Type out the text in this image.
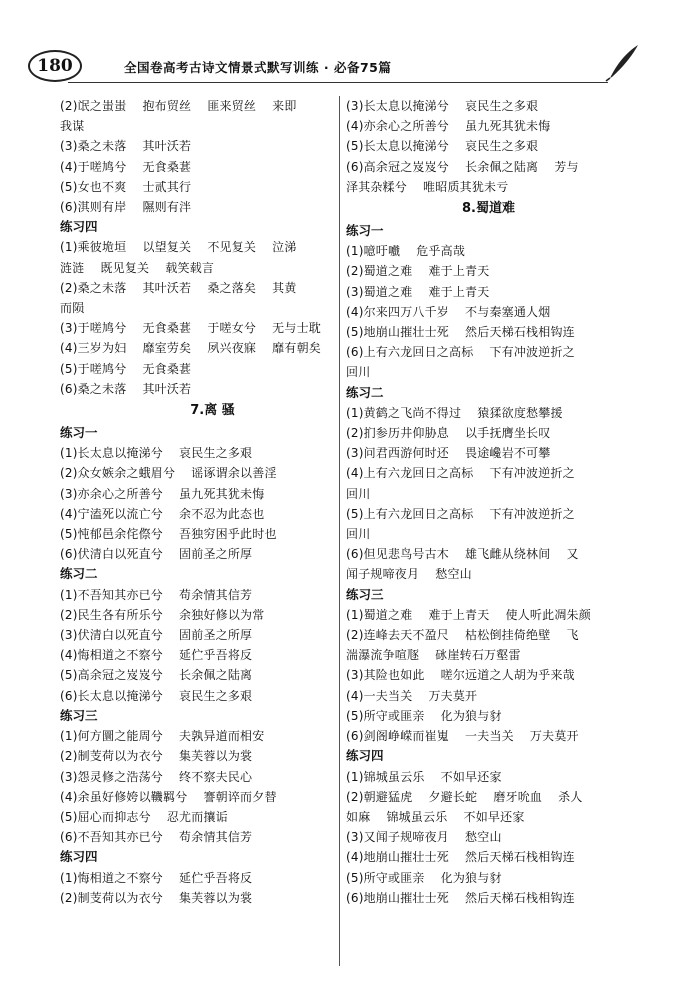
180	全国卷高考古诗文情景式默写训练 · 必备75篇
(2)氓之蚩蚩    抱布贸丝    匪来贸丝    来即
我谋
(3)桑之未落    其叶沃若
(4)于嗟鸠兮    无食桑葚
(5)女也不爽    士贰其行
(6)淇则有岸    隰则有泮
练习四
(1)乘彼垝垣    以望复关    不见复关    泣涕
涟涟    既见复关    载笑载言
(2)桑之未落    其叶沃若    桑之落矣    其黄
而陨
(3)于嗟鸠兮    无食桑葚    于嗟女兮    无与士耽
(4)三岁为妇    靡室劳矣    夙兴夜寐    靡有朝矣
(5)于嗟鸠兮    无食桑葚
(6)桑之未落    其叶沃若
7.离 骚
练习一
(1)长太息以掩涕兮    哀民生之多艰
(2)众女嫉余之蛾眉兮    谣诼谓余以善淫
(3)亦余心之所善兮    虽九死其犹未悔
(4)宁溘死以流亡兮    余不忍为此态也
(5)忳郁邑余侘傺兮    吾独穷困乎此时也
(6)伏清白以死直兮    固前圣之所厚
练习二
(1)不吾知其亦已兮    苟余情其信芳
(2)民生各有所乐兮    余独好修以为常
(3)伏清白以死直兮    固前圣之所厚
(4)悔相道之不察兮    延伫乎吾将反
(5)高余冠之岌岌兮    长余佩之陆离
(6)长太息以掩涕兮    哀民生之多艰
练习三
(1)何方圜之能周兮    夫孰异道而相安
(2)制芰荷以为衣兮    集芙蓉以为裳
(3)怨灵修之浩荡兮    终不察夫民心
(4)余虽好修姱以鞿羁兮    謇朝谇而夕替
(5)屈心而抑志兮    忍尤而攘诟
(6)不吾知其亦已兮    苟余情其信芳
练习四
(1)悔相道之不察兮    延伫乎吾将反
(2)制芰荷以为衣兮    集芙蓉以为裳
(3)长太息以掩涕兮    哀民生之多艰
(4)亦余心之所善兮    虽九死其犹未悔
(5)长太息以掩涕兮    哀民生之多艰
(6)高余冠之岌岌兮    长余佩之陆离    芳与
泽其杂糅兮    唯昭质其犹未亏
8.蜀道难
练习一
(1)噫吁嚱    危乎高哉
(2)蜀道之难    难于上青天
(3)蜀道之难    难于上青天
(4)尔来四万八千岁    不与秦塞通人烟
(5)地崩山摧壮士死    然后天梯石栈相钩连
(6)上有六龙回日之高标    下有冲波逆折之
回川
练习二
(1)黄鹤之飞尚不得过    猿猱欲度愁攀援
(2)扪参历井仰胁息    以手抚膺坐长叹
(3)问君西游何时还    畏途巉岩不可攀
(4)上有六龙回日之高标    下有冲波逆折之
回川
(5)上有六龙回日之高标    下有冲波逆折之
回川
(6)但见悲鸟号古木    雄飞雌从绕林间    又
闻子规啼夜月    愁空山
练习三
(1)蜀道之难    难于上青天    使人听此凋朱颜
(2)连峰去天不盈尺    枯松倒挂倚绝壁    飞
湍瀑流争喧豗    砯崖转石万壑雷
(3)其险也如此    嗟尔远道之人胡为乎来哉
(4)一夫当关    万夫莫开
(5)所守或匪亲    化为狼与豺
(6)剑阁峥嵘而崔嵬    一夫当关    万夫莫开
练习四
(1)锦城虽云乐    不如早还家
(2)朝避猛虎    夕避长蛇    磨牙吮血    杀人
如麻    锦城虽云乐    不如早还家
(3)又闻子规啼夜月    愁空山
(4)地崩山摧壮士死    然后天梯石栈相钩连
(5)所守或匪亲    化为狼与豺
(6)地崩山摧壮士死    然后天梯石栈相钩连
